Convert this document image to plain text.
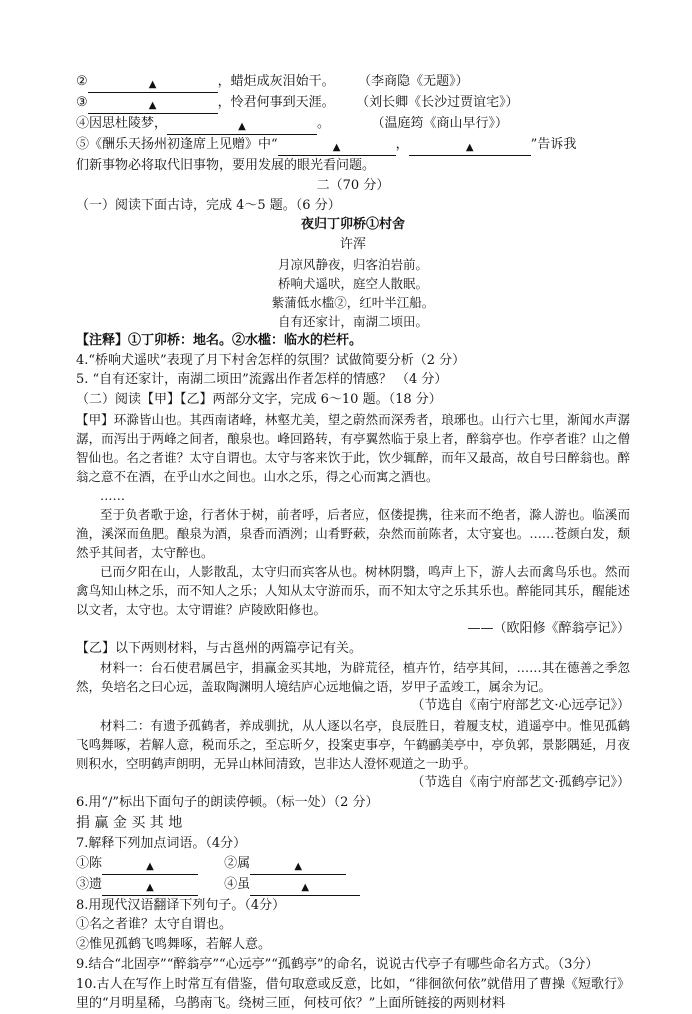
② ▲	，蜡炬成灰泪始干。 （李商隐《无题》）
③ ▲	，怜君何事到天涯。 （刘长卿《长沙过贾谊宅》）
④因思杜陵梦， ▲	。	（温庭筠《商山早行》）
⑤《酬乐天扬州初逢席上见赠》中“ ▲	， ▲	”告诉我
们新事物必将取代旧事物，要用发展的眼光看问题。
二（70 分）
（一）阅读下面古诗，完成 4～5 题。（6 分）
夜归丁卯桥①村舍
许浑
月凉风静夜，归客泊岩前。
桥响犬遥吠，庭空人散眠。
紫蒲低水槛②，红叶半江船。
自有还家计，南湖二顷田。
【注释】①丁卯桥：地名。②水槛：临水的栏杆。
4.“桥响犬遥吠”表现了月下村舍怎样的氛围？试做简要分析（2 分）
5. “自有还家计，南湖二顷田”流露出作者怎样的情感？ （4 分）
（二）阅读【甲】【乙】两部分文字，完成 6～10 题。（18 分）
【甲】环滁皆山也。其西南诸峰，林壑尤美，望之蔚然而深秀者，琅琊也。山行六七里，渐闻水声潺潺，而泻出于两峰之间者，酿泉也。峰回路转，有亭翼然临于泉上者，醉翁亭也。作亭者谁？山之僧智仙也。名之者谁？太守自谓也。太守与客来饮于此，饮少辄醉，而年又最高，故自号曰醉翁也。醉翁之意不在酒，在乎山水之间也。山水之乐，得之心而寓之酒也。
……
至于负者歌于途，行者休于树，前者呼，后者应，伛偻提携，往来而不绝者，滁人游也。临溪而渔，溪深而鱼肥。酿泉为酒，泉香而酒洌；山肴野蔌，杂然而前陈者，太守宴也。……苍颜白发，颓然乎其间者，太守醉也。
已而夕阳在山，人影散乱，太守归而宾客从也。树林阴翳，鸣声上下，游人去而禽鸟乐也。然而禽鸟知山林之乐，而不知人之乐；人知从太守游而乐，而不知太守之乐其乐也。醉能同其乐，醒能述以文者，太守也。太守谓谁？庐陵欧阳修也。
——（欧阳修《醉翁亭记》）
【乙】以下两则材料，与古邕州的两篇亭记有关。
材料一：台石使君属邑宇，捐赢金买其地，为辟荒径，植卉竹，结亭其间，……其在德善之季忽然，奂培名之曰心远，盖取陶渊明人境结庐心远地偏之语，岁甲子孟竣工，属余为记。
（节选自《南宁府部艺文·心远亭记》）
材料二：有遗予孤鹤者，养成驯扰，从人逐以名亭，良辰胜日，着履支杖，逍遥亭中。惟见孤鹤飞鸣舞啄，若解人意，税而乐之，至忘昕夕，投案吏事亭，午鹤鹂美亭中，亭负郭，景影隅延，月夜则积水，空明鹤声朗明，无异山林间清致，岂非达人澄怀观道之一助乎。
（节选自《南宁府部艺文·孤鹤亭记》）
6.用“/”标出下面句子的朗读停顿。（标一处）（2 分）
捐 赢 金 买 其 地
7.解释下列加点词语。（4分）
①陈 ▲	②属▲
③遗 ▲	④虽▲
8.用现代汉语翻译下列句子。（4分）
①名之者谁？太守自谓也。
②惟见孤鹤飞鸣舞啄，若解人意。
9.结合“北固亭”“醉翁亭”“心远亭”“孤鹤亭”的命名，说说古代亭子有哪些命名方式。（3分）
10.古人在写作上时常互有借鉴，借句取意或反意，比如，“徘徊欲何依”就借用了曹操《短歌行》里的“月明星稀，乌鹊南飞。绕树三匝，何枝可依？”上面所链接的两则材料
